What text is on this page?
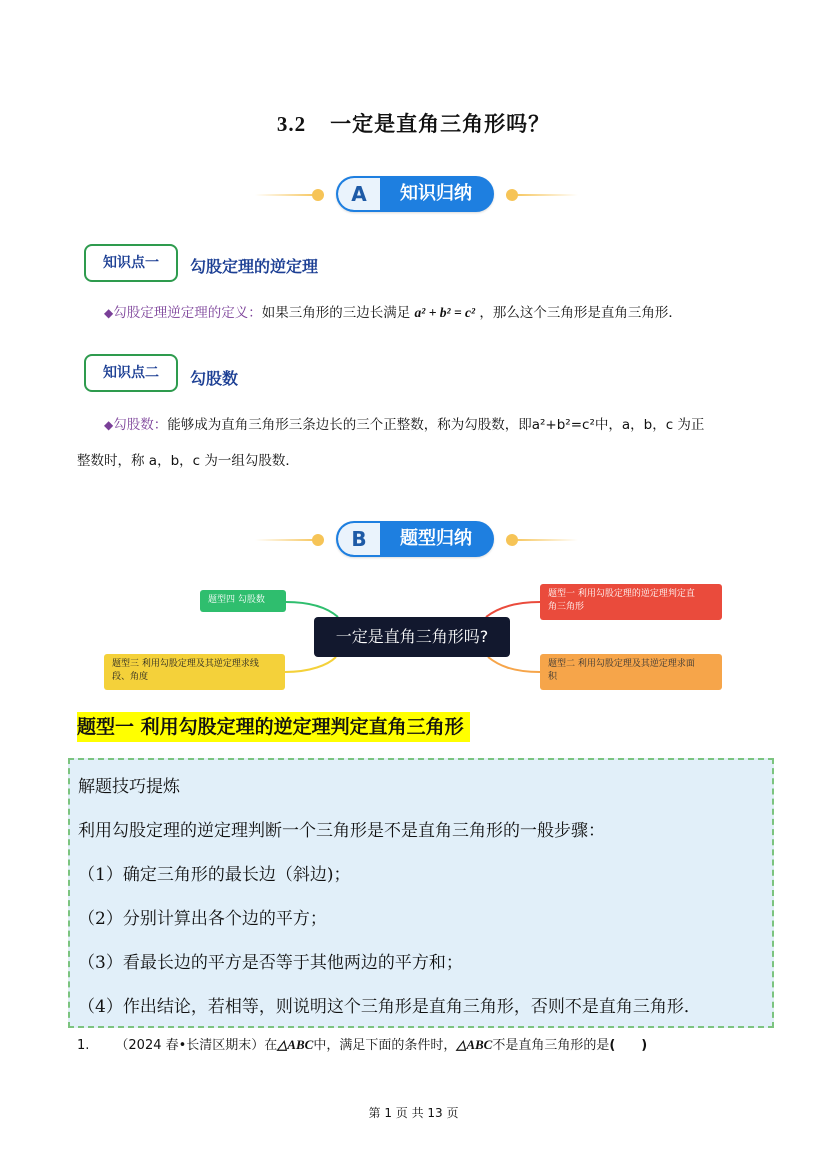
3.2 一定是直角三角形吗？
A	知识归纳
知识点一	勾股定理的逆定理
◆勾股定理逆定理的定义：如果三角形的三边长满足 a² + b² = c² ，那么这个三角形是直角三角形．
知识点二	勾股数
◆勾股数：能够成为直角三角形三条边长的三个正整数，称为勾股数，即a²+b²=c²中，a，b，c 为正
整数时，称 a，b，c 为一组勾股数．
B	题型归纳
一定是直角三角形吗?
题型四 勾股数
题型一 利用勾股定理的逆定理判定直
角三角形
题型三 利用勾股定理及其逆定理求线
段、角度
题型二 利用勾股定理及其逆定理求面
积
题型一 利用勾股定理的逆定理判定直角三角形
解题技巧提炼
利用勾股定理的逆定理判断一个三角形是不是直角三角形的一般步骤：
（1）确定三角形的最长边（斜边)；
（2）分别计算出各个边的平方；
（3）看最长边的平方是否等于其他两边的平方和；
（4）作出结论，若相等，则说明这个三角形是直角三角形，否则不是直角三角形．
1. （2024 春•长清区期末）在△ABC中，满足下面的条件时，△ABC不是直角三角形的是(　　)
第 1 页 共 13 页
